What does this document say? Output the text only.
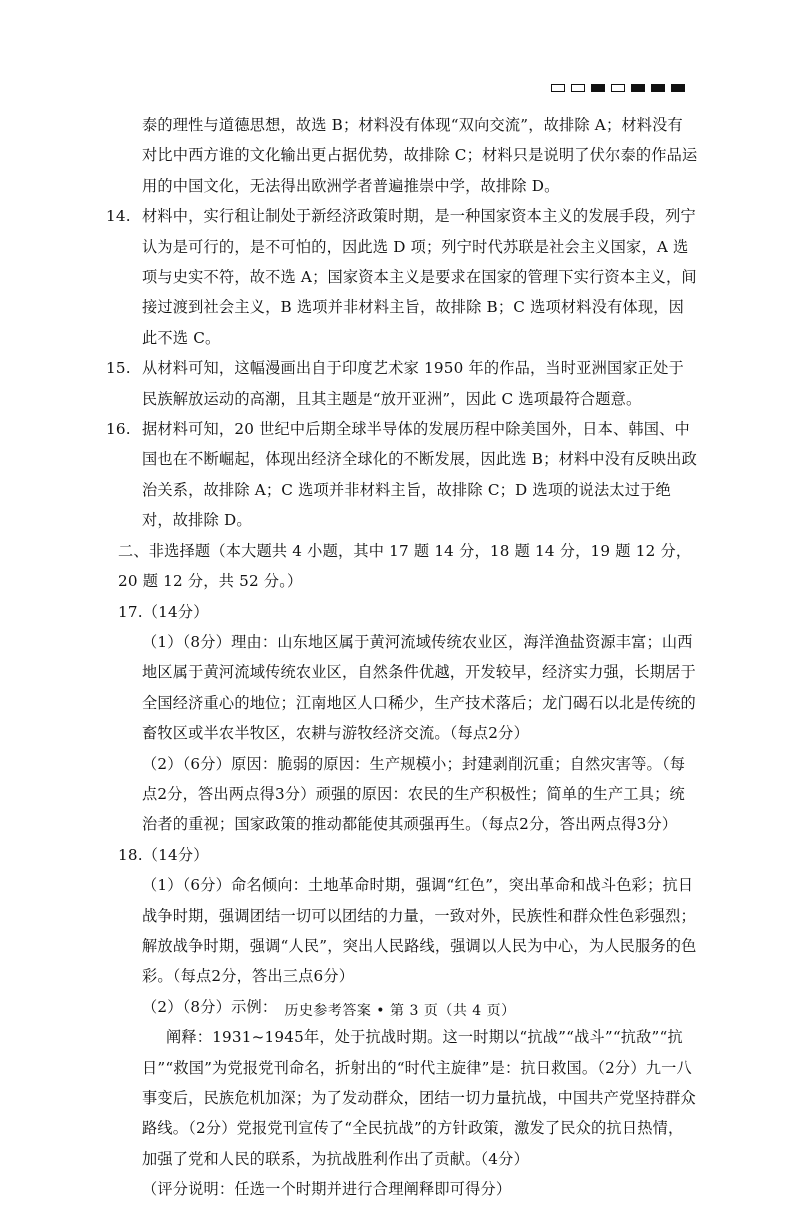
泰的理性与道德思想，故选 B；材料没有体现“双向交流”，故排除 A；材料没有对比中西方谁的文化输出更占据优势，故排除 C；材料只是说明了伏尔泰的作品运用的中国文化，无法得出欧洲学者普遍推崇中学，故排除 D。

14. 材料中，实行租让制处于新经济政策时期，是一种国家资本主义的发展手段，列宁认为是可行的，是不可怕的，因此选 D 项；列宁时代苏联是社会主义国家，A 选项与史实不符，故不选 A；国家资本主义是要求在国家的管理下实行资本主义，间接过渡到社会主义，B 选项并非材料主旨，故排除 B；C 选项材料没有体现，因此不选 C。
15. 从材料可知，这幅漫画出自于印度艺术家 1950 年的作品，当时亚洲国家正处于民族解放运动的高潮，且其主题是“放开亚洲”，因此 C 选项最符合题意。
16. 据材料可知，20 世纪中后期全球半导体的发展历程中除美国外，日本、韩国、中国也在不断崛起，体现出经济全球化的不断发展，因此选 B；材料中没有反映出政治关系，故排除 A；C 选项并非材料主旨，故排除 C；D 选项的说法太过于绝对，故排除 D。

二、非选择题（本大题共 4 小题，其中 17 题 14 分，18 题 14 分，19 题 12 分，20 题 12 分，共 52 分。）

17.（14分）

（1）（8分）理由：山东地区属于黄河流域传统农业区，海洋渔盐资源丰富；山西地区属于黄河流域传统农业区，自然条件优越，开发较早，经济实力强，长期居于全国经济重心的地位；江南地区人口稀少，生产技术落后；龙门碣石以北是传统的畜牧区或半农半牧区，农耕与游牧经济交流。（每点2分）

（2）（6分）原因：脆弱的原因：生产规模小；封建剥削沉重；自然灾害等。（每点2分，答出两点得3分）顽强的原因：农民的生产积极性；简单的生产工具；统治者的重视；国家政策的推动都能使其顽强再生。（每点2分，答出两点得3分）

18.（14分）

（1）（6分）命名倾向：土地革命时期，强调“红色”，突出革命和战斗色彩；抗日战争时期，强调团结一切可以团结的力量，一致对外，民族性和群众性色彩强烈；解放战争时期，强调“人民”，突出人民路线，强调以人民为中心，为人民服务的色彩。（每点2分，答出三点6分）

（2）（8分）示例：

阐释：1931~1945年，处于抗战时期。这一时期以“抗战”“战斗”“抗敌”“抗日”“救国”为党报党刊命名，折射出的“时代主旋律”是：抗日救国。（2分）九一八事变后，民族危机加深；为了发动群众，团结一切力量抗战，中国共产党坚持群众路线。（2分）党报党刊宣传了“全民抗战”的方针政策，激发了民众的抗日热情，加强了党和人民的联系，为抗战胜利作出了贡献。（4分）

（评分说明：任选一个时期并进行合理阐释即可得分）

历史参考答案 • 第 3 页（共 4 页）
